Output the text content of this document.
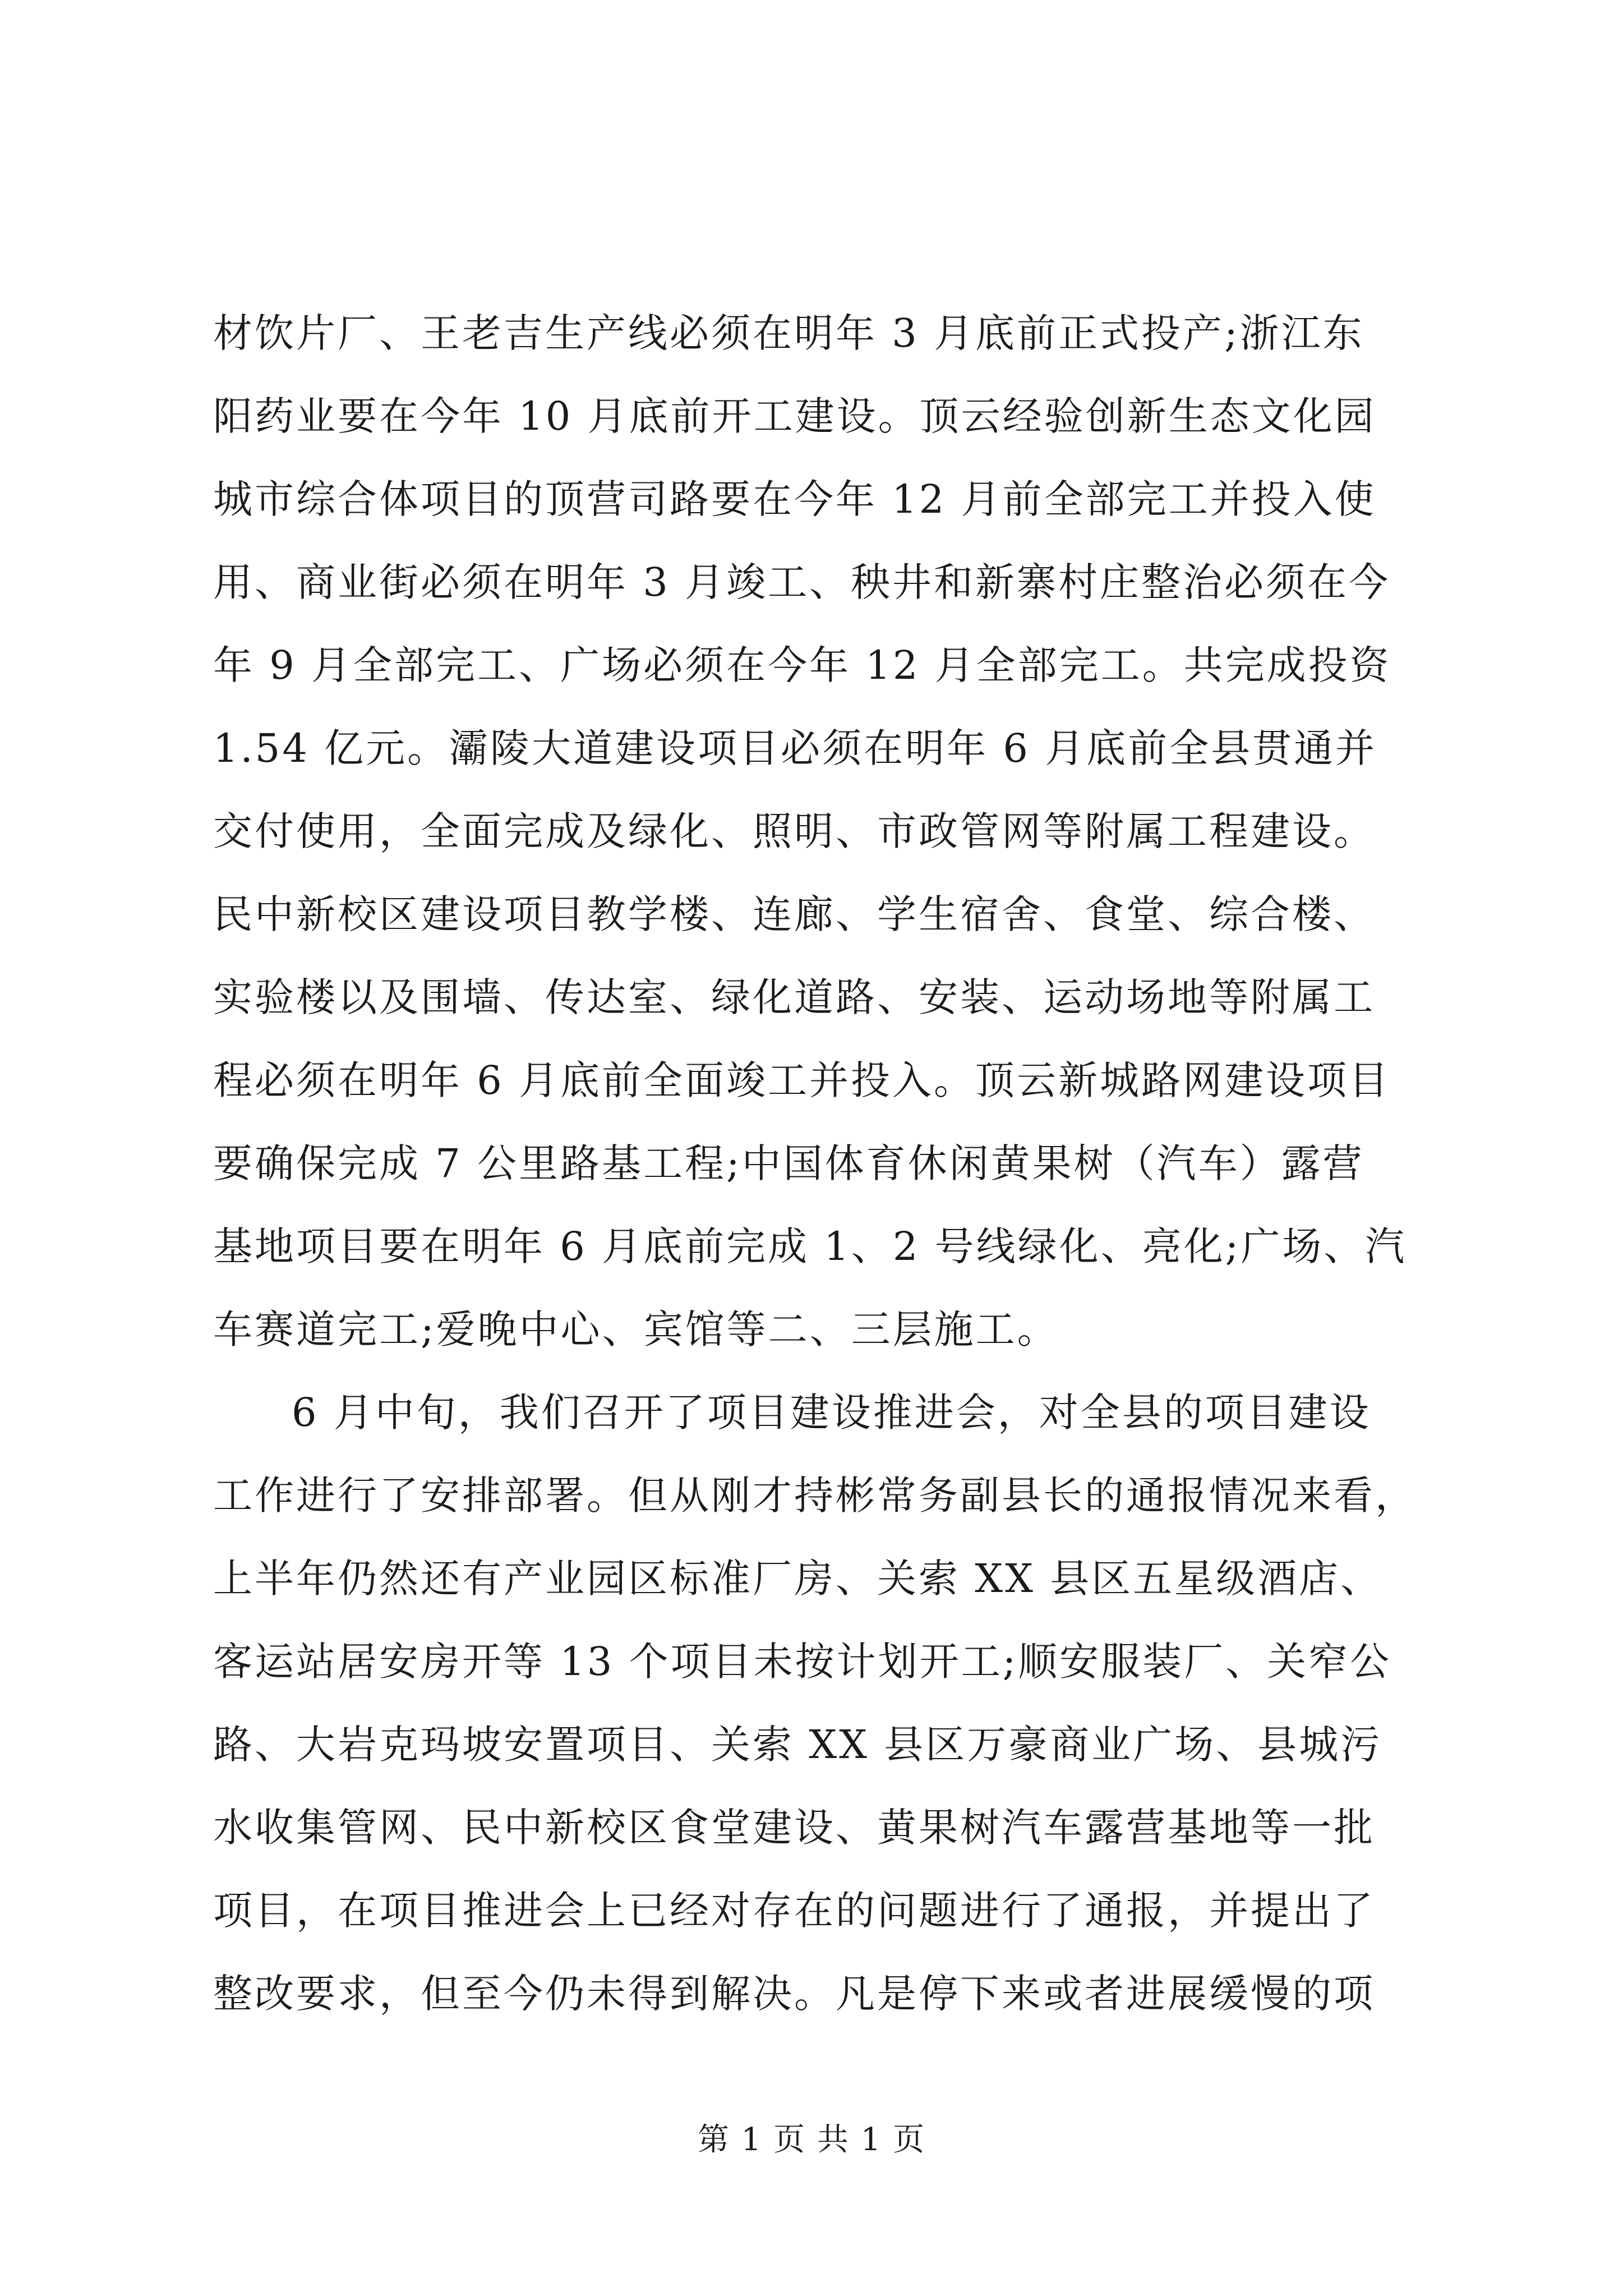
材饮片厂、王老吉生产线必须在明年 3 月底前正式投产;浙江东
阳药业要在今年 10 月底前开工建设。顶云经验创新生态文化园
城市综合体项目的顶营司路要在今年 12 月前全部完工并投入使
用、商业街必须在明年 3 月竣工、秧井和新寨村庄整治必须在今
年 9 月全部完工、广场必须在今年 12 月全部完工。共完成投资
1.54 亿元。灞陵大道建设项目必须在明年 6 月底前全县贯通并
交付使用，全面完成及绿化、照明、市政管网等附属工程建设。
民中新校区建设项目教学楼、连廊、学生宿舍、食堂、综合楼、
实验楼以及围墙、传达室、绿化道路、安装、运动场地等附属工
程必须在明年 6 月底前全面竣工并投入。顶云新城路网建设项目
要确保完成 7 公里路基工程;中国体育休闲黄果树（汽车）露营
基地项目要在明年 6 月底前完成 1、2 号线绿化、亮化;广场、汽
车赛道完工;爱晚中心、宾馆等二、三层施工。
6 月中旬，我们召开了项目建设推进会，对全县的项目建设
工作进行了安排部署。但从刚才持彬常务副县长的通报情况来看，
上半年仍然还有产业园区标准厂房、关索 XX 县区五星级酒店、
客运站居安房开等 13 个项目未按计划开工;顺安服装厂、关窄公
路、大岩克玛坡安置项目、关索 XX 县区万豪商业广场、县城污
水收集管网、民中新校区食堂建设、黄果树汽车露营基地等一批
项目，在项目推进会上已经对存在的问题进行了通报，并提出了
整改要求，但至今仍未得到解决。凡是停下来或者进展缓慢的项
第 1 页 共 1 页
